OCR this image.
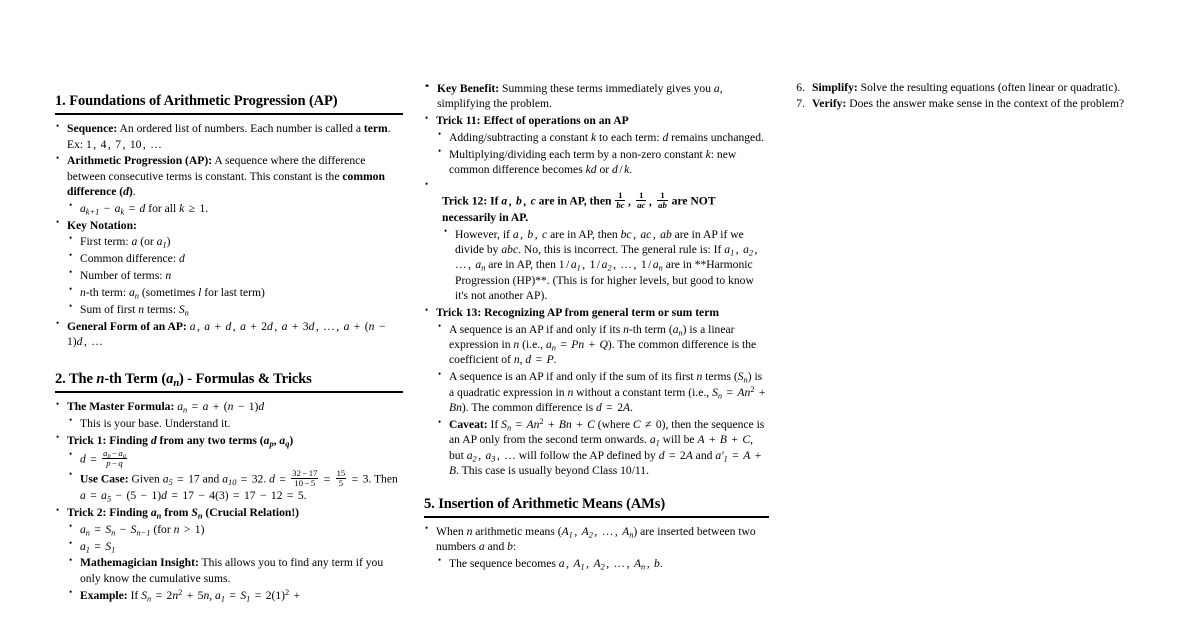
1. Foundations of Arithmetic Progression (AP)
• Sequence: An ordered list of numbers. Each number is called a term. Ex: 1 , 4 , 7 , 10 , …
• Arithmetic Progression (AP): A sequence where the difference between consecutive terms is constant. This constant is the common difference (d).
• $a_{k+1} - a_k = d$ for all k ≥ 1.
• Key Notation:
• First term: a (or $a_1$)
• Common difference: d
• Number of terms: n
• n-th term: $a_n$ (sometimes l for last term)
• Sum of first n terms: $S_n$
• General Form of an AP: a , a + d , a + 2d , a + 3d , … , a + (n − 1)d , …
2. The n-th Term $(a_n)$ - Formulas & Tricks
• The Master Formula: $a_n = a + (n - 1)d$
• This is your base. Understand it.
• Trick 1: Finding d from any two terms ($a_p$, $a_q$)
• $d = \frac{a_p - a_q}{p - q}$
• Use Case: Given $a_5 = 17$ and $a_{10} = 32$. $d = \frac{32 - 17}{10 - 5} = \frac{15}{5} = 3$. Then $a = a_5 - (5 - 1)d = 17 - 4(3) = 17 - 12 = 5$.
• Trick 2: Finding $a_n$ from $S_n$ (Crucial Relation!)
• $a_n = S_n - S_{n-1}$ (for n > 1)
• $a_1 = S_1$
• Mathemagician Insight: This allows you to find any term if you only know the cumulative sums.
• Example: If $S_n = 2n^2 + 5n$, $a_1 = S_1 = 2(1)^2$ +
• • Key Benefit: Summing these terms immediately gives you a, simplifying the problem.
• Trick 11: Effect of operations on an AP
• Adding/subtracting a constant k to each term: d remains unchanged.
• Multiplying/dividing each term by a non-zero constant k: new common difference becomes kd or d / k.
• Trick 12: If a , b , c are in AP, then $\frac{1}{bc}$ , $\frac{1}{ac}$ , $\frac{1}{ab}$ are NOT necessarily in AP.
• However, if a , b , c are in AP, then bc , ac , ab are in AP if we divide by abc. No, this is incorrect. The general rule is: If $a_1$ , $a_2$ , … , $a_n$ are in AP, then $1 / a_1$ , $1 / a_2$ , … , $1 / a_n$ are in **Harmonic Progression (HP)**. (This is for higher levels, but good to know it's not another AP).
• Trick 13: Recognizing AP from general term or sum term
• A sequence is an AP if and only if its n-th term $(a_n)$ is a linear expression in n (i.e., $a_n = Pn + Q$). The common difference is the coefficient of n, d = P.
• A sequence is an AP if and only if the sum of its first n terms $(S_n)$ is a quadratic expression in n without a constant term (i.e., $S_n = An^2 + Bn$). The common difference is d = 2A.
• Caveat: If $S_n = An^2 + Bn + C$ (where C ≠ 0), then the sequence is an AP only from the second term onwards. $a_1$ will be A + B + C, but $a_2$ , $a_3$ , … will follow the AP defined by d = 2A and $a'_1 = A + B$. This case is usually beyond Class 10/11.
5. Insertion of Arithmetic Means (AMs)
• When n arithmetic means ($A_1$ , $A_2$ , … , $A_n$) are inserted between two numbers a and b:
• The sequence becomes a , $A_1$ , $A_2$ , … , $A_n$ , b.
Simplify: Solve the resulting equations (often linear or quadratic).
Verify: Does the answer make sense in the context of the problem?
